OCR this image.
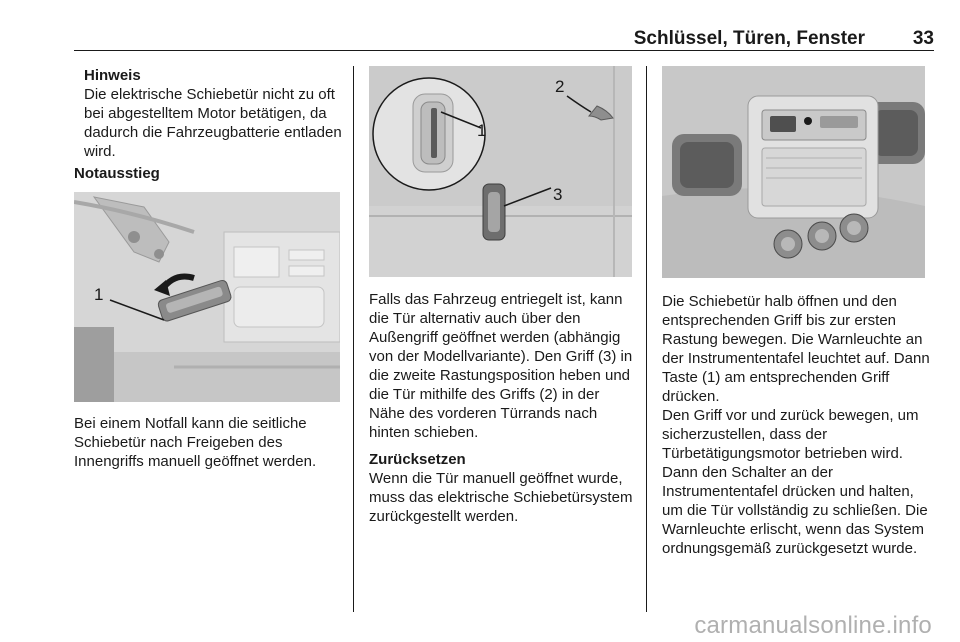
Schlüssel, Türen, Fenster	33

Hinweis

Die elektrische Schiebetür nicht zu oft bei abgestelltem Motor betätigen, da dadurch die Fahrzeugbatterie entladen wird.

Notausstieg
1
Bei einem Notfall kann die seitliche Schiebetür nach Freigeben des Innengriffs manuell geöffnet werden.
1
2
3
Falls das Fahrzeug entriegelt ist, kann die Tür alternativ auch über den Außengriff geöffnet werden (abhängig von der Modellvariante). Den Griff (3) in die zweite Rastungsposition heben und die Tür mithilfe des Griffs (2) in der Nähe des vorderen Türrands nach hinten schieben.
Zurücksetzen
Wenn die Tür manuell geöffnet wurde, muss das elektrische Schiebetürsystem zurückgestellt werden.
Die Schiebetür halb öffnen und den entsprechenden Griff bis zur ersten Rastung bewegen. Die Warnleuchte an der Instrumententafel leuchtet auf. Dann Taste (1) am entsprechenden Griff drücken.
Den Griff vor und zurück bewegen, um sicherzustellen, dass der Türbetätigungsmotor betrieben wird. Dann den Schalter an der Instrumententafel drücken und halten, um die Tür vollständig zu schließen. Die Warnleuchte erlischt, wenn das System ordnungsgemäß zurückgesetzt wurde.
carmanualsonline.info
